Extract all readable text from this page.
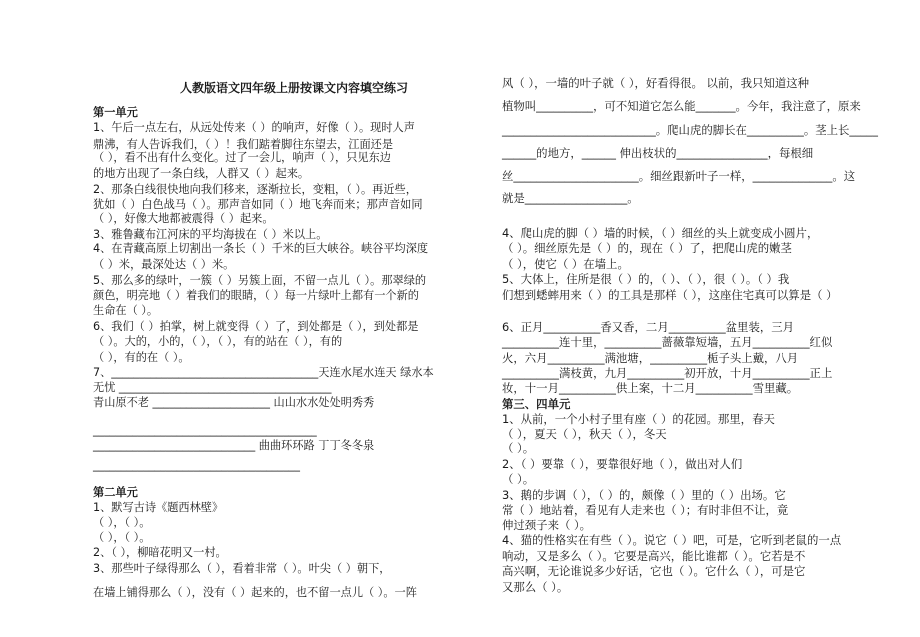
人教版语文四年级上册按课文内容填空练习
第一单元
1、午后一点左右，从远处传来（ ）的响声，好像（ ）。现时人声
鼎沸，有人告诉我们，（ ）！我们踮着脚往东望去，江面还是
（ ），看不出有什么变化。过了一会儿，响声（ ），只见东边
的地方出现了一条白线，人群又（ ）起来。
2、那条白线很快地向我们移来，逐渐拉长，变粗，（ ）。再近些，
犹如（ ）白色战马（ ）。那声音如同（ ）地飞奔而来；那声音如同
（ ），好像大地都被震得（ ）起来。
3、雅鲁藏布江河床的平均海拔在（ ）米以上。
4、在青藏高原上切割出一条长（ ）千米的巨大峡谷。峡谷平均深度
（ ）米，最深处达（ ）米。
5、那么多的绿叶，一簇（ ）另簇上面，不留一点儿（ ）。那翠绿的
颜色，明亮地（ ）着我们的眼睛，（ ）每一片绿叶上都有一个新的
生命在（ ）。
6、我们（ ）拍掌，树上就变得（ ）了，到处都是（ ），到处都是
（ ）。大的，小的，（ ），（ ），有的站在（ ），有的
（ ），有的在（ ）。
7、_____________________________________天连水尾水连天 绿水本
无忧 ______________________________________
青山原不老 _____________________ 山山水水处处明秀秀
________________________________________
_____________________________ 曲曲环环路 丁丁冬冬泉
_____________________________________
第二单元
1、默写古诗《题西林壁》
（ ），（ ）。
（ ），（ ）。
2、（ ），柳暗花明又一村。
3、那些叶子绿得那么（ ），看着非常（ ）。叶尖（ ）朝下，
在墙上铺得那么（ ），没有（ ）起来的，也不留一点儿（ ）。一阵
风（ ），一墙的叶子就（ ），好看得很。 以前，我只知道这种
植物叫__________，可不知道它怎么能_______。今年，我注意了，原来
___________________________。爬山虎的脚长在__________。茎上长_____
______的地方，______ 伸出枝状的________________，每根细
丝______________________。细丝跟新叶子一样，______________。这
就是__________________。
4、爬山虎的脚（ ）墙的时候，（ ）细丝的头上就变成小圆片，
（ ）。细丝原先是（ ）的，现在（ ）了，把爬山虎的嫩茎
（ ），使它（ ）在墙上。
5、大体上，住所是很（ ）的，（ ）、（ ），很（ ）。（ ）我
们想到蟋蟀用来（ ）的工具是那样（ ），这座住宅真可以算是（ ）
6、正月__________香又香，二月__________盆里装，三月
__________连十里，__________蔷薇靠短墙，五月__________红似
火，六月__________满池塘，__________栀子头上戴，八月
__________满枝黄，九月__________初开放，十月__________正上
妆，十一月__________供上案，十二月__________雪里藏。
第三、四单元
1、从前，一个小村子里有座（ ）的花园。那里，春天
（ ），夏天（ ），秋天（ ），冬天
（ ）。
2、（ ）要靠（ ），要靠很好地（ ），做出对人们
（ ）。
3、鹅的步调（ ），（ ）的，颇像（ ）里的（ ）出场。它
常（ ）地站着，看见有人走来也（ ）；有时非但不让，竟
伸过颈子来（ ）。
4、猫的性格实在有些（ ）。说它（ ）吧，可是，它听到老鼠的一点
响动，又是多么（ ）。它要是高兴，能比谁都（ ）。它若是不
高兴啊，无论谁说多少好话，它也（ ）。它什么（ ），可是它
又那么（ ）。
